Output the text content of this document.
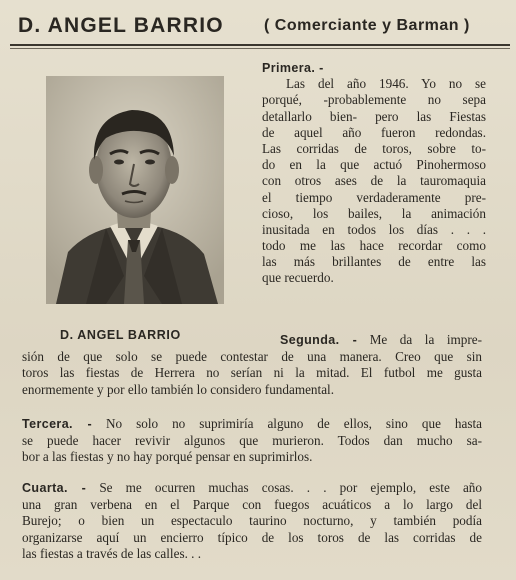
D. ANGEL BARRIO	( Comerciante y Barman )
D. ANGEL BARRIO
Primera. -
Las del año 1946. Yo no se
porqué, -probablemente no sepa
detallarlo bien- pero las Fiestas
de aquel año fueron redondas.
Las corridas de toros, sobre to-
do en la que actuó Pinohermoso
con otros ases de la tauromaquia
el tiempo verdaderamente pre-
cioso, los bailes, la animación
inusitada en todos los días . . .
todo me las hace recordar como
las más brillantes de entre las
que recuerdo.
Segunda. - Me da la impre-
sión de que solo se puede contestar de una manera. Creo que sin
toros las fiestas de Herrera no serían ni la mitad. El futbol me gusta
enormemente y por ello también lo considero fundamental.
Tercera. - No solo no suprimiría alguno de ellos, sino que hasta
se puede hacer revivir algunos que murieron. Todos dan mucho sa-
bor a las fiestas y no hay porqué pensar en suprimirlos.
Cuarta. - Se me ocurren muchas cosas. . . por ejemplo, este año
una gran verbena en el Parque con fuegos acuáticos a lo largo del
Burejo; o bien un espectaculo taurino nocturno, y también podía
organizarse aquí un encierro típico de los toros de las corridas de
las fiestas a través de las calles. . .
